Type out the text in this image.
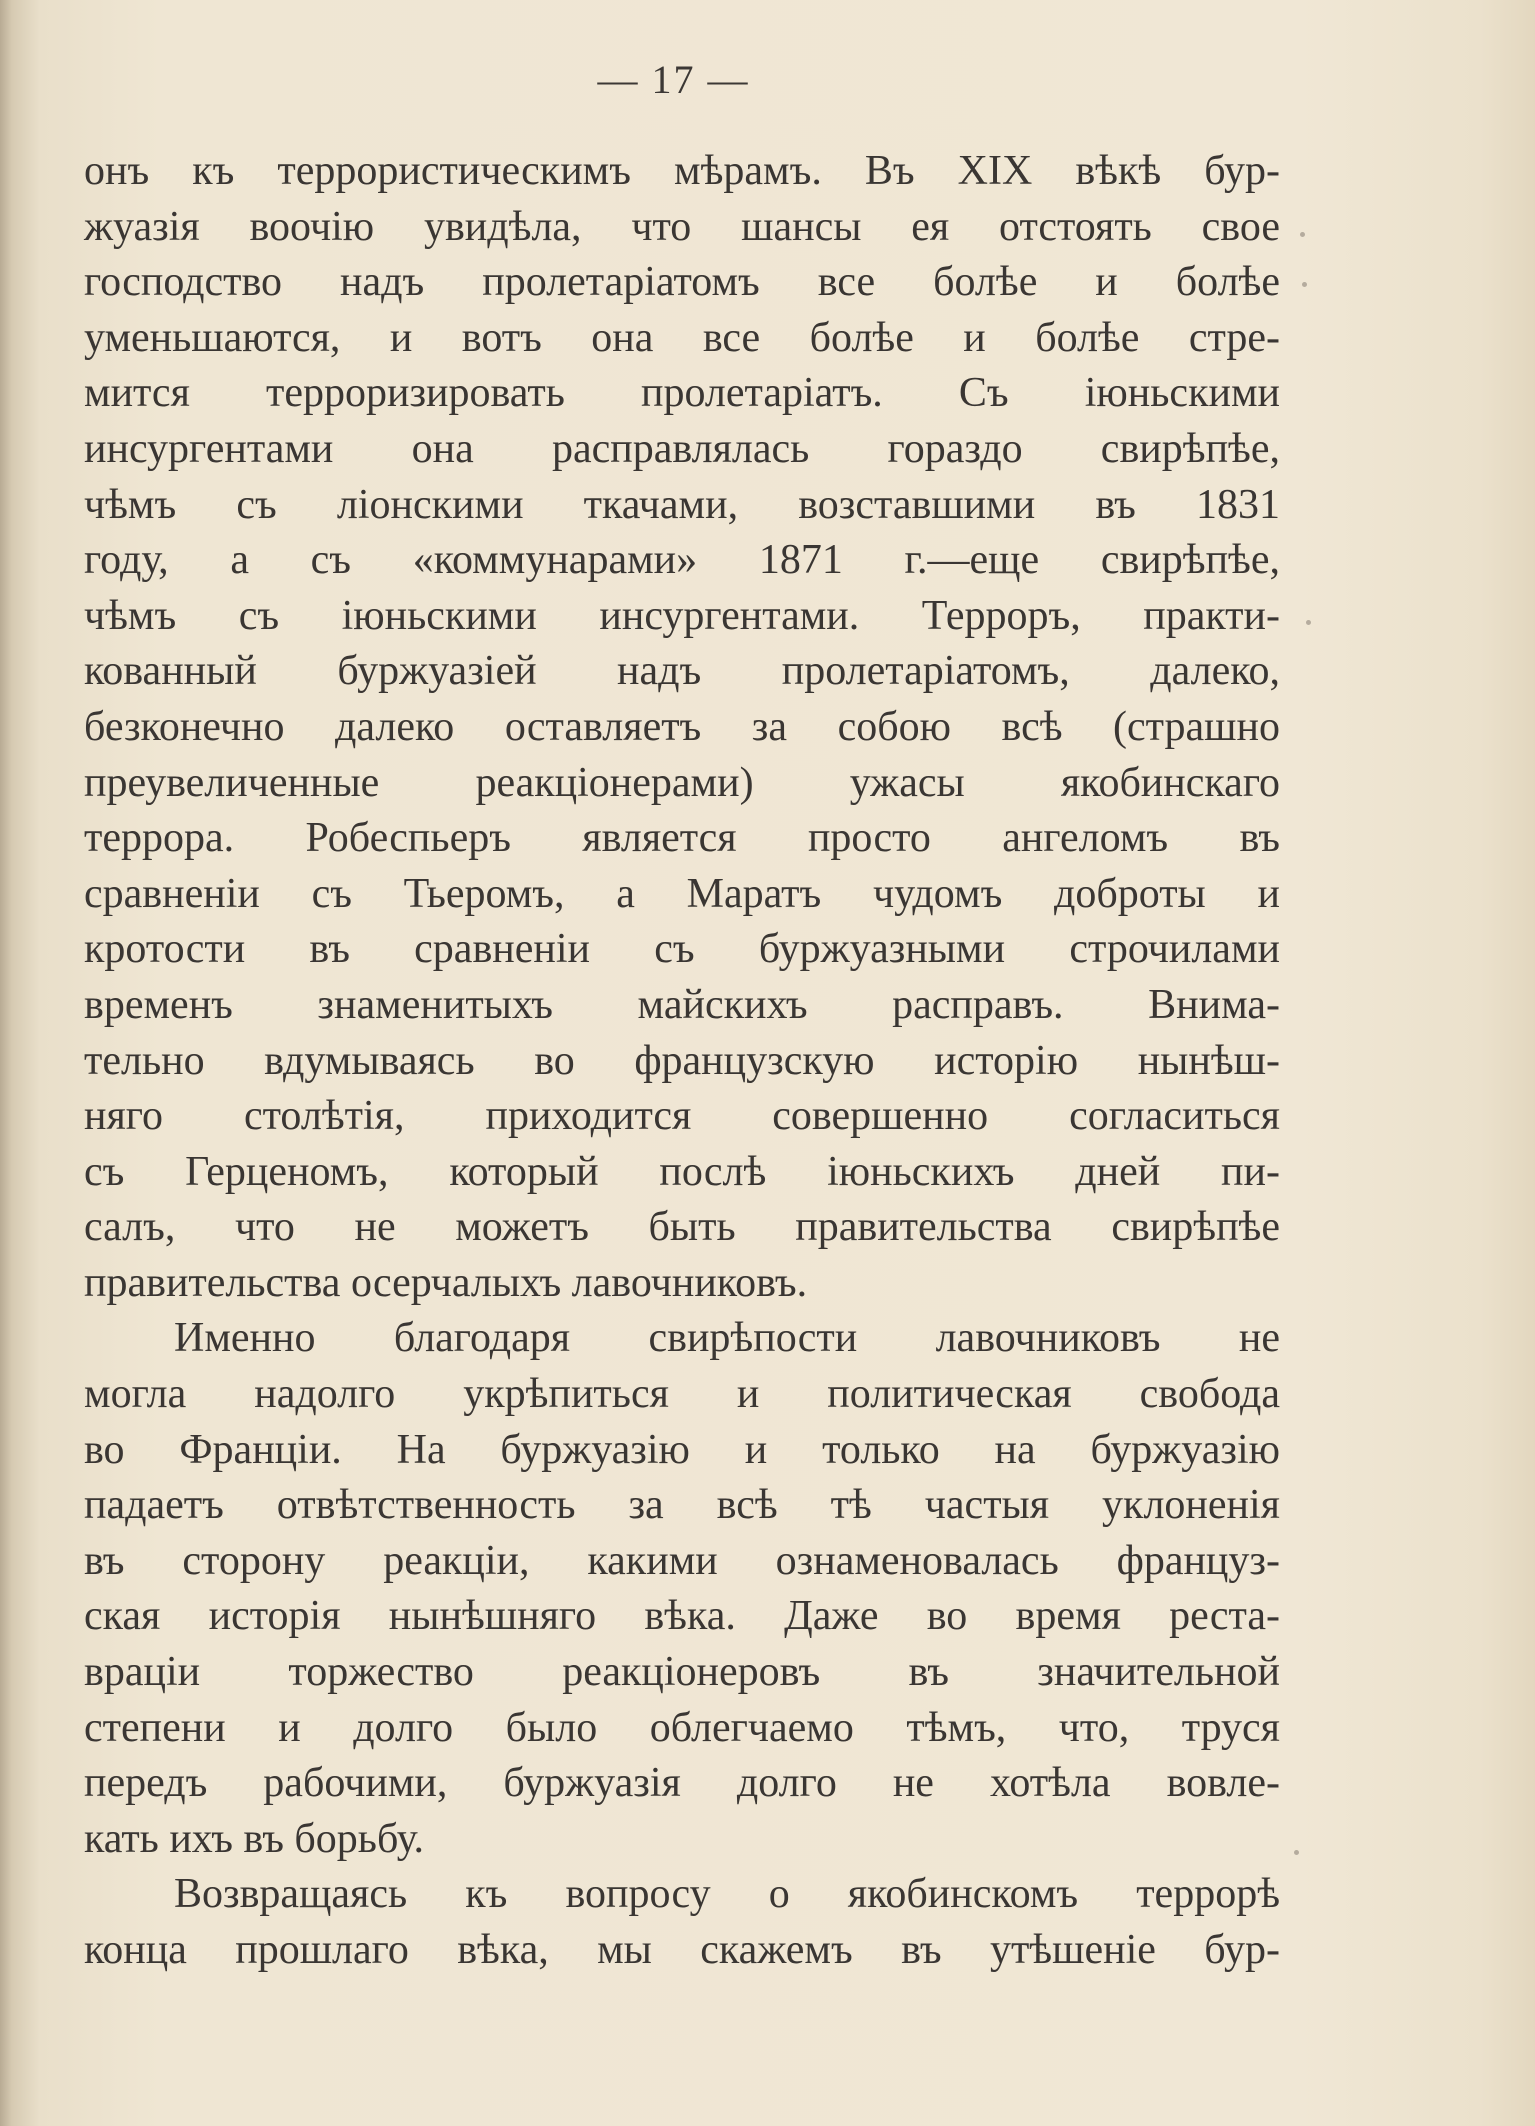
— 17 —
онъ къ террористическимъ мѣрамъ. Въ XIX вѣкѣ бур-
жуазія воочію увидѣла, что шансы ея отстоять свое
господство надъ пролетаріатомъ все болѣе и болѣе
уменьшаются, и вотъ она все болѣе и болѣе стре-
мится терроризировать пролетаріатъ. Съ іюньскими
инсургентами она расправлялась гораздо свирѣпѣе,
чѣмъ съ ліонскими ткачами, возставшими въ 1831
году, а съ «коммунарами» 1871 г.—еще свирѣпѣе,
чѣмъ съ іюньскими инсургентами. Терроръ, практи-
кованный буржуазіей надъ пролетаріатомъ, далеко,
безконечно далеко оставляетъ за собою всѣ (страшно
преувеличенные реакціонерами) ужасы якобинскаго
террора. Робеспьеръ является просто ангеломъ въ
сравненіи съ Тьеромъ, а Маратъ чудомъ доброты и
кротости въ сравненіи съ буржуазными строчилами
временъ знаменитыхъ майскихъ расправъ. Внима-
тельно вдумываясь во французскую исторію нынѣш-
няго столѣтія, приходится совершенно согласиться
съ Герценомъ, который послѣ іюньскихъ дней пи-
салъ, что не можетъ быть правительства свирѣпѣе
правительства осерчалыхъ лавочниковъ.
Именно благодаря свирѣпости лавочниковъ не
могла надолго укрѣпиться и политическая свобода
во Франціи. На буржуазію и только на буржуазію
падаетъ отвѣтственность за всѣ тѣ частыя уклоненія
въ сторону реакціи, какими ознаменовалась француз-
ская исторія нынѣшняго вѣка. Даже во время реста-
враціи торжество реакціонеровъ въ значительной
степени и долго было облегчаемо тѣмъ, что, труся
передъ рабочими, буржуазія долго не хотѣла вовле-
кать ихъ въ борьбу.
Возвращаясь къ вопросу о якобинскомъ террорѣ
конца прошлаго вѣка, мы скажемъ въ утѣшеніе бур-
